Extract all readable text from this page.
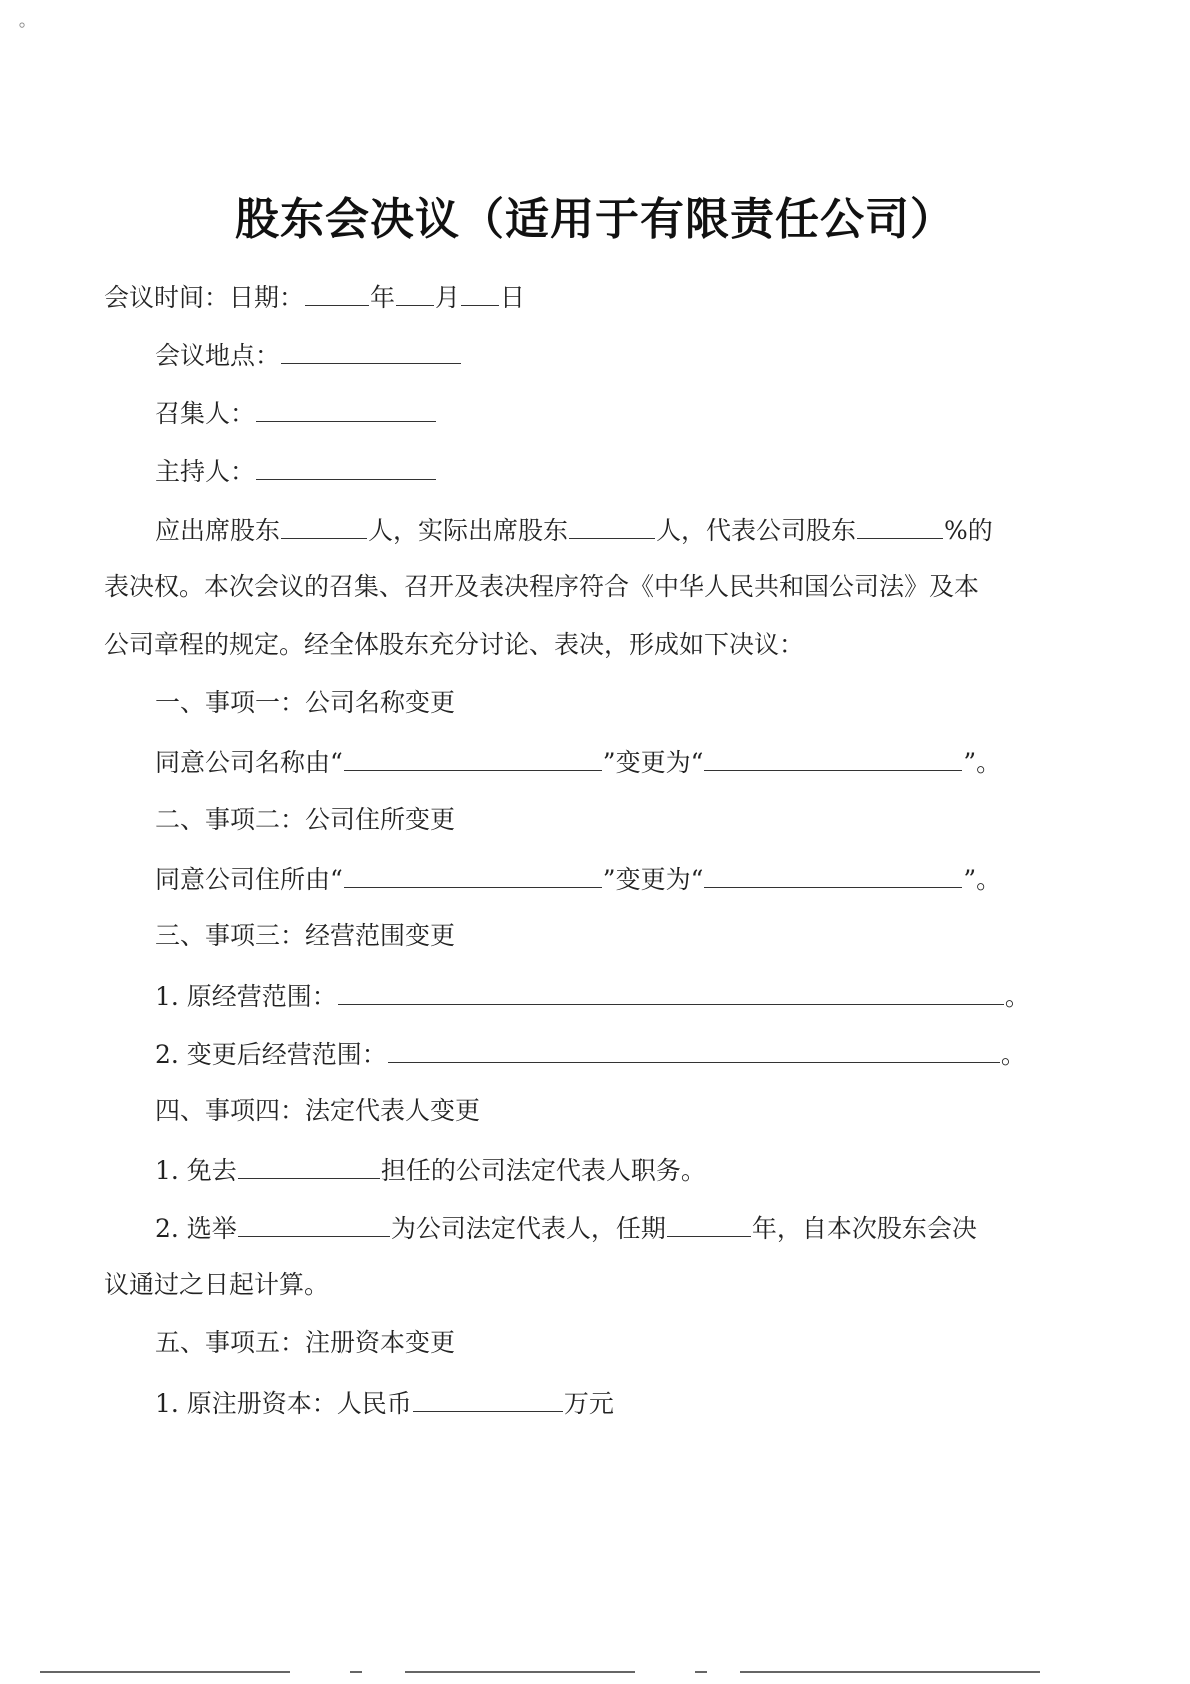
⸰
股东会决议（适用于有限责任公司）
会议时间：日期：	年 月 日
会议地点：
召集人：
主持人：
应出席股东	人，实际出席股东	人，代表公司股东	%的
表决权。本次会议的召集、召开及表决程序符合《中华人民共和国公司法》及本
公司章程的规定。经全体股东充分讨论、表决，形成如下决议：
一、事项一：公司名称变更
同意公司名称由“	”变更为“	”。
二、事项二：公司住所变更
同意公司住所由“	”变更为“	”。
三、事项三：经营范围变更
1. 原经营范围：	。
2. 变更后经营范围：	。
四、事项四：法定代表人变更
1. 免去	担任的公司法定代表人职务。
2. 选举	为公司法定代表人，任期	年，自本次股东会决
议通过之日起计算。
五、事项五：注册资本变更
1. 原注册资本：人民币	万元
